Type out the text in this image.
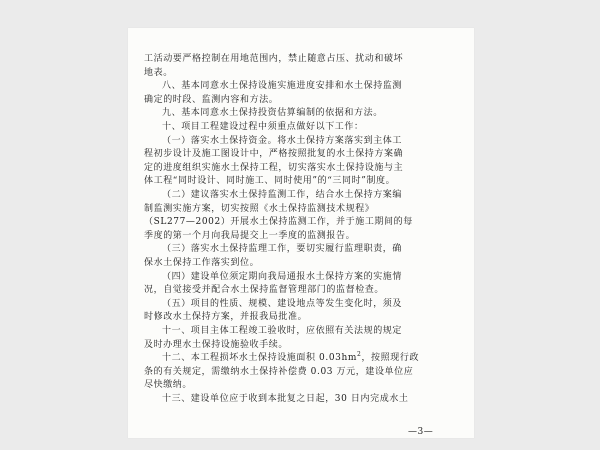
工活动要严格控制在用地范围内，禁止随意占压、扰动和破坏
地表。
八、基本同意水土保持设施实施进度安排和水土保持监测
确定的时段、监测内容和方法。
九、基本同意水土保持投资估算编制的依据和方法。
十、项目工程建设过程中须重点做好以下工作：
（一）落实水土保持资金。将水土保持方案落实到主体工
程初步设计及施工图设计中，严格按照批复的水土保持方案确
定的进度组织实施水土保持工程，切实落实水土保持设施与主
体工程“同时设计、同时施工、同时使用”的“三同时”制度。
（二）建议落实水土保持监测工作，结合水土保持方案编
制监测实施方案，切实按照《水土保持监测技术规程》
（SL277—2002）开展水土保持监测工作，并于施工期间的每
季度的第一个月向我局提交上一季度的监测报告。
（三）落实水土保持监理工作，要切实履行监理职责，确
保水土保持工作落实到位。
（四）建设单位须定期向我局通报水土保持方案的实施情
况，自觉接受并配合水土保持监督管理部门的监督检查。
（五）项目的性质、规模、建设地点等发生变化时，须及
时修改水土保持方案，并报我局批准。
十一、项目主体工程竣工验收时，应依照有关法规的规定
及时办理水土保持设施验收手续。
十二、本工程损坏水土保持设施面积 $0.03hm^2$，按照现行政
条的有关规定，需缴纳水土保持补偿费 0.03 万元，建设单位应
尽快缴纳。
十三、建设单位应于收到本批复之日起，30 日内完成水土
—3—
